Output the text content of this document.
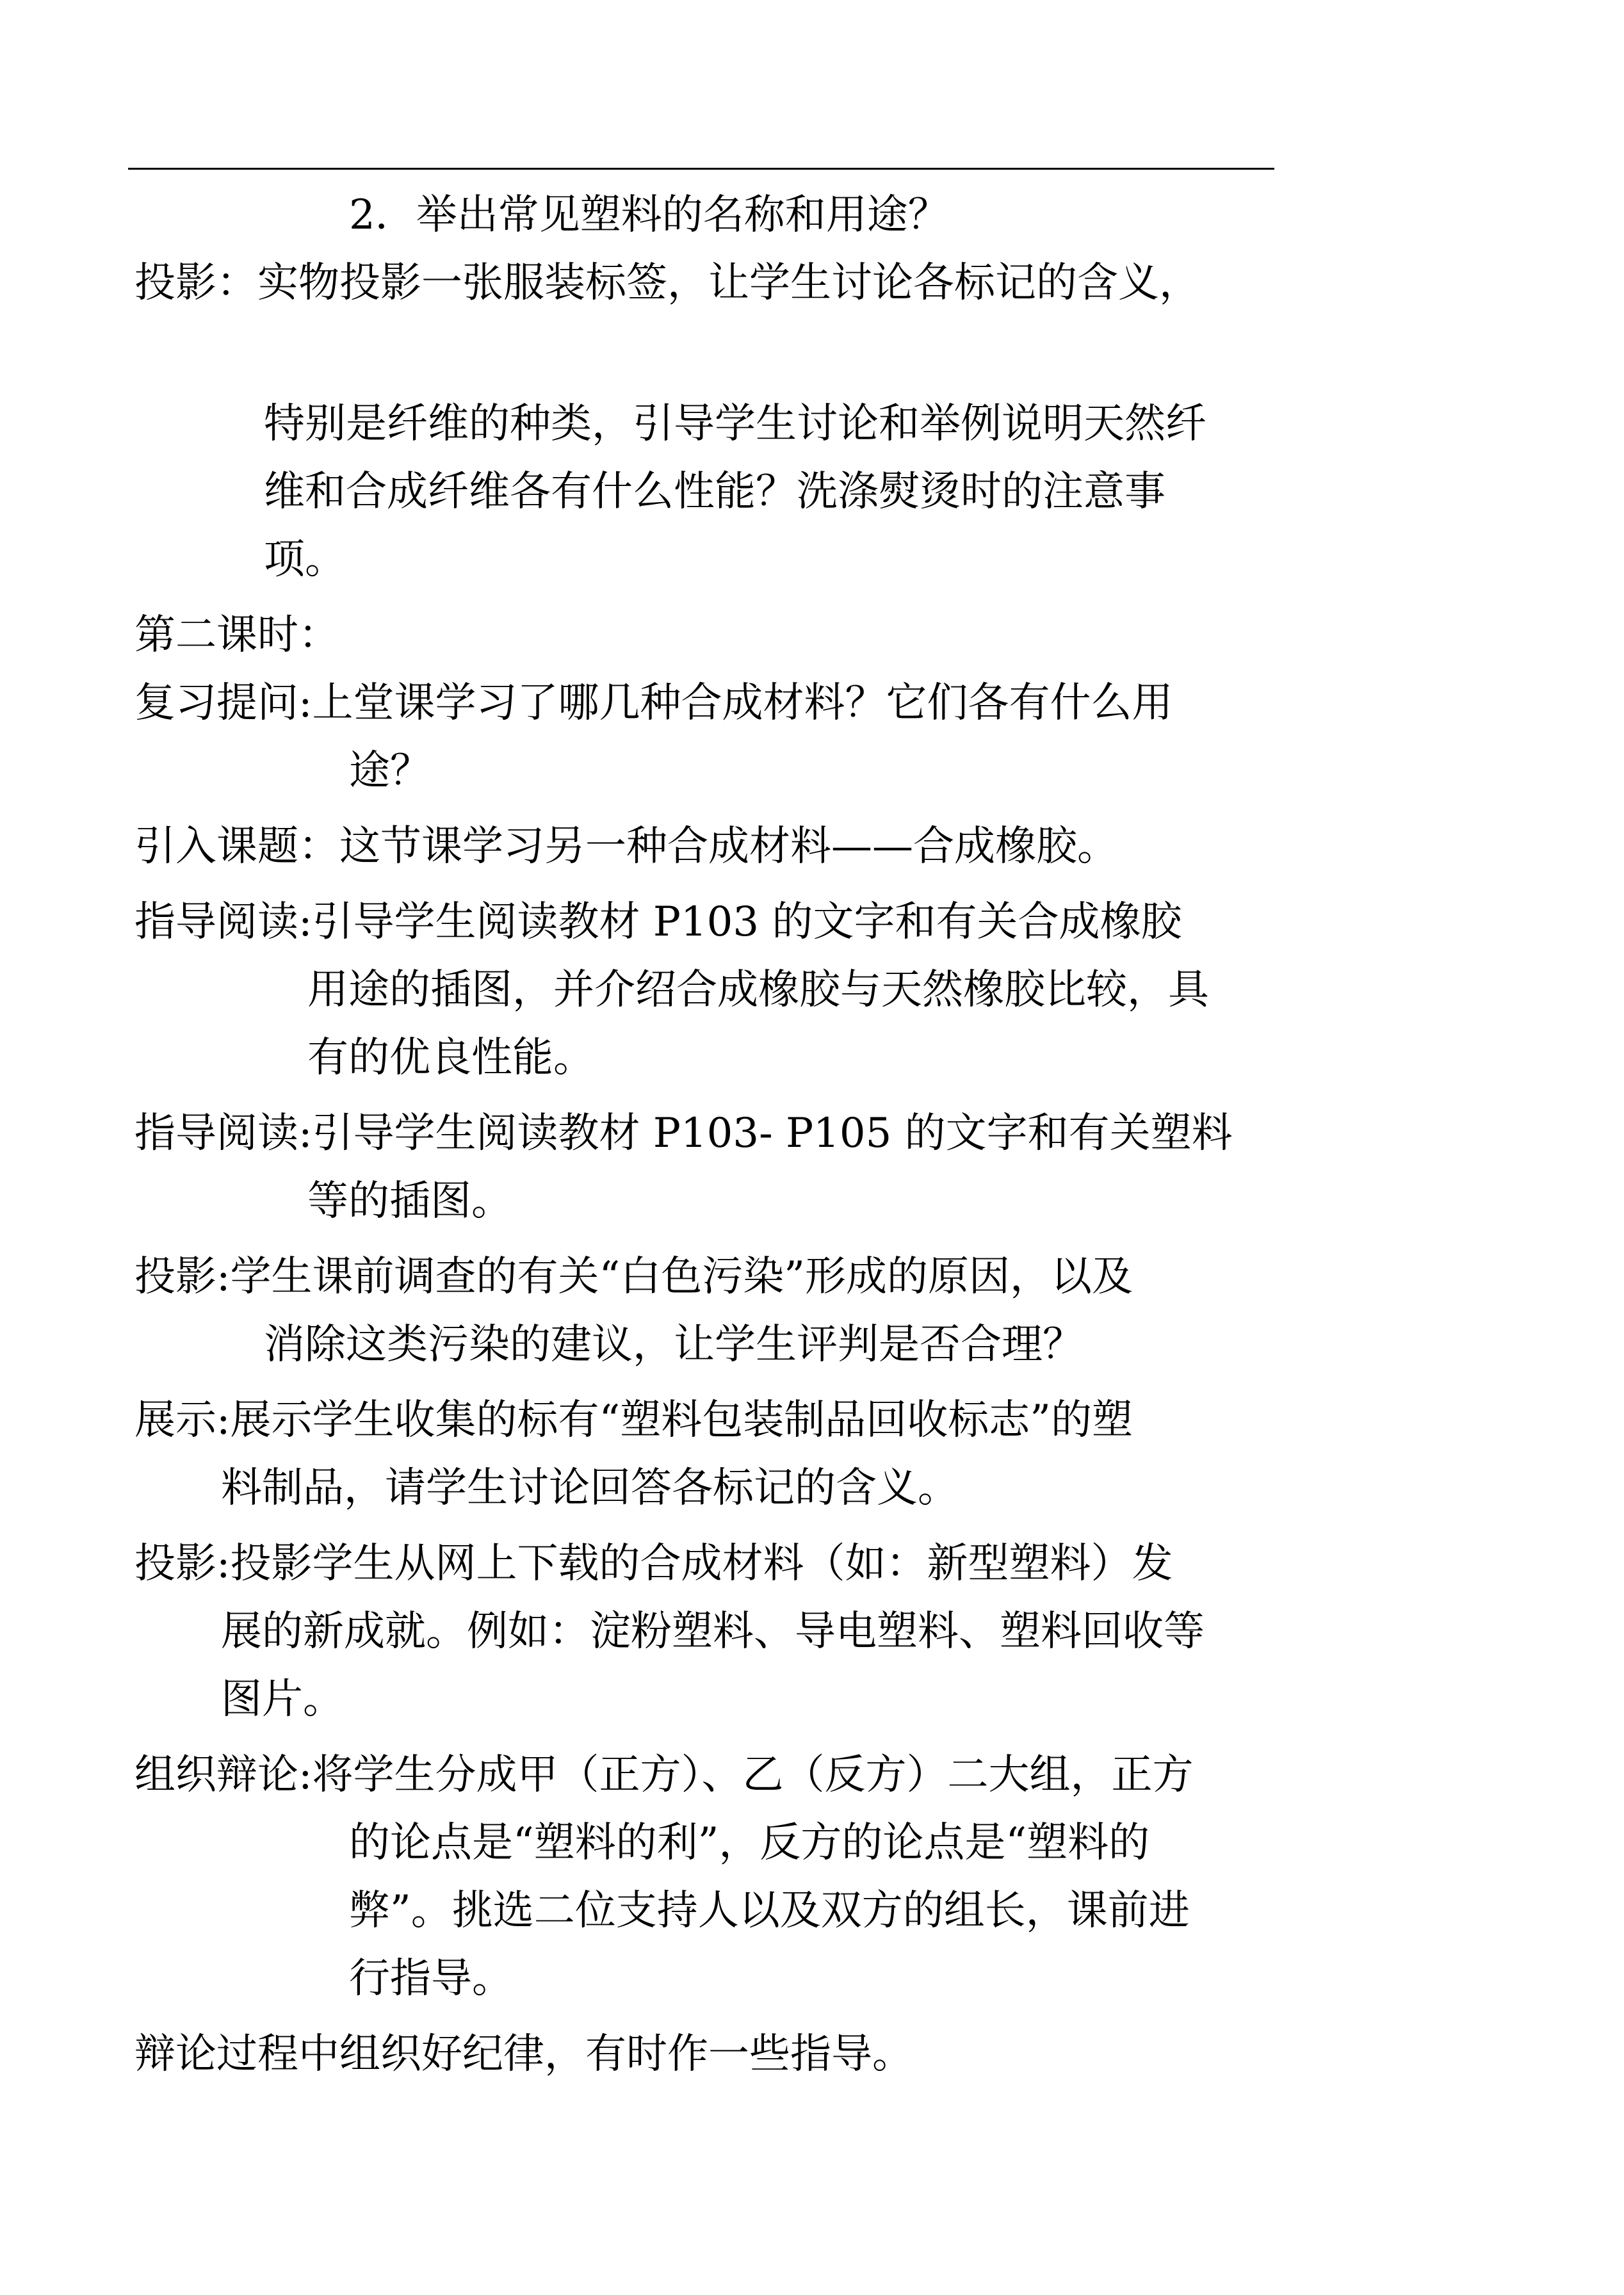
2．举出常见塑料的名称和用途？
投影：实物投影一张服装标签，让学生讨论各标记的含义，
特别是纤维的种类，引导学生讨论和举例说明天然纤
维和合成纤维各有什么性能？洗涤熨烫时的注意事
项。
第二课时：
复习提问:上堂课学习了哪几种合成材料？它们各有什么用
途？
引入课题：这节课学习另一种合成材料——合成橡胶。
指导阅读:引导学生阅读教材 P103 的文字和有关合成橡胶
用途的插图，并介绍合成橡胶与天然橡胶比较，具
有的优良性能。
指导阅读:引导学生阅读教材 P103- P105 的文字和有关塑料
等的插图。
投影:学生课前调查的有关“白色污染”形成的原因，以及
消除这类污染的建议，让学生评判是否合理？
展示:展示学生收集的标有“塑料包装制品回收标志”的塑
料制品，请学生讨论回答各标记的含义。
投影:投影学生从网上下载的合成材料（如：新型塑料）发
展的新成就。例如：淀粉塑料、导电塑料、塑料回收等
图片。
组织辩论:将学生分成甲（正方）、乙（反方）二大组，正方
的论点是“塑料的利”，反方的论点是“塑料的
弊”。挑选二位支持人以及双方的组长，课前进
行指导。
辩论过程中组织好纪律，有时作一些指导。
